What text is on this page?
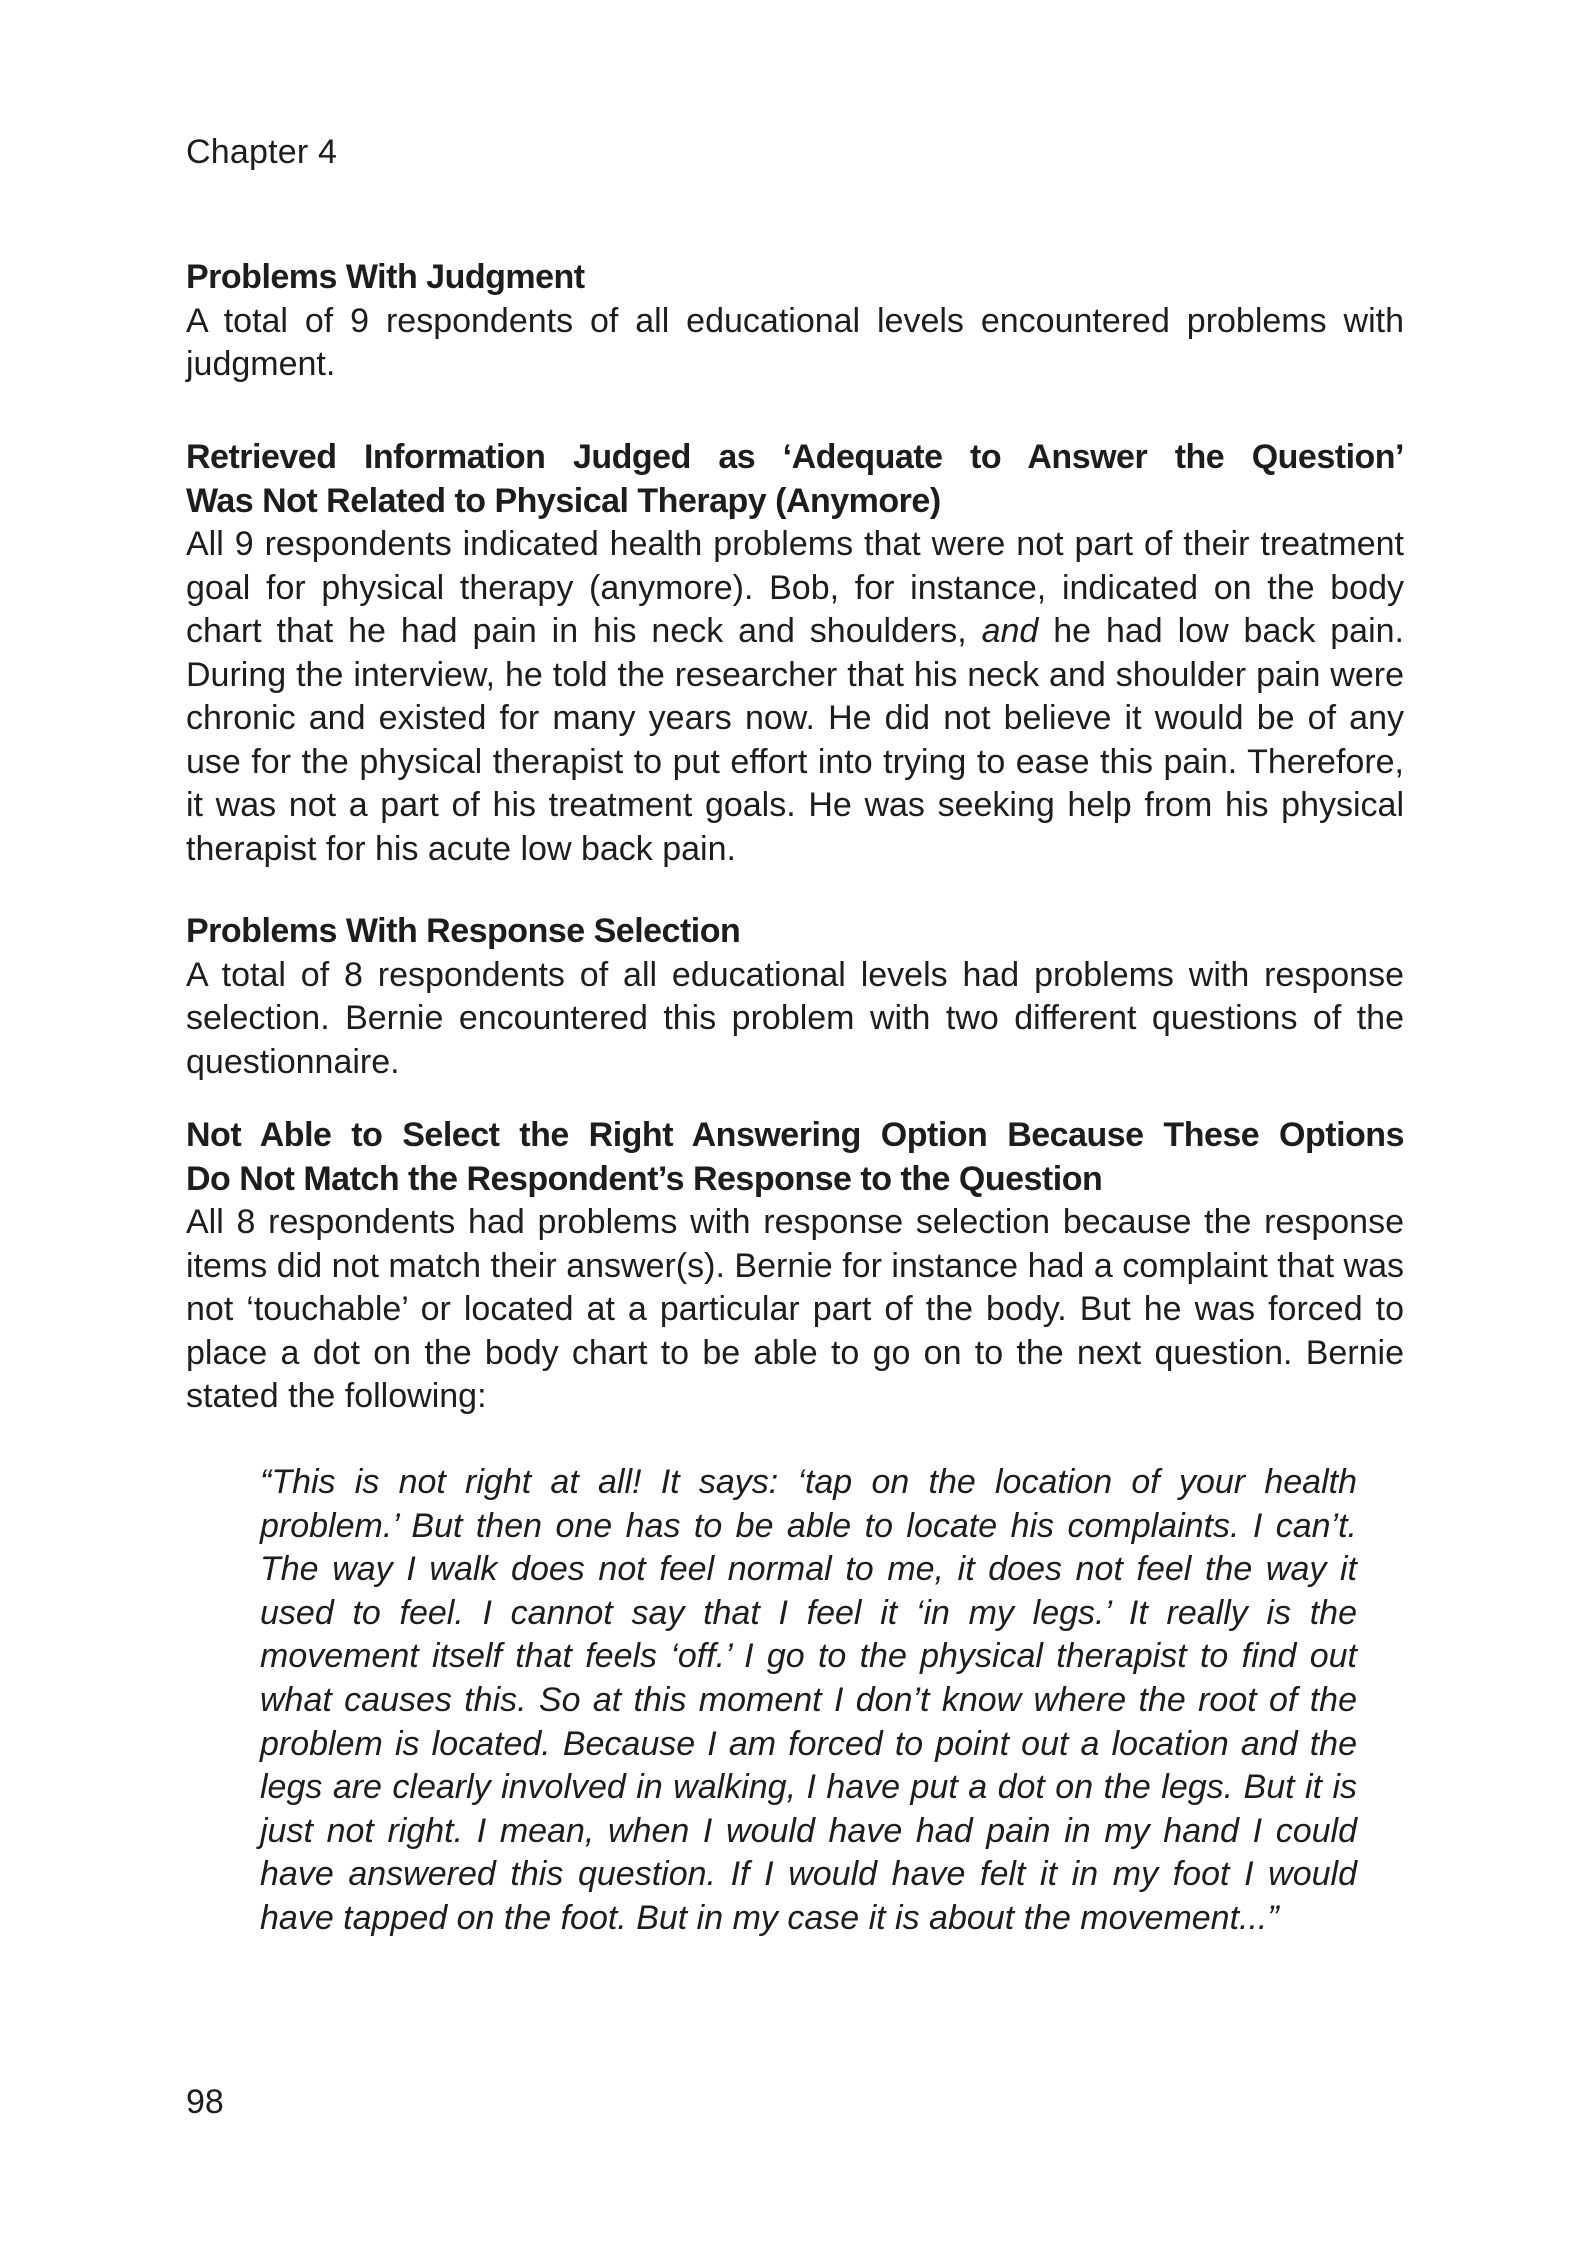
Chapter 4
Problems With Judgment

A total of 9 respondents of all educational levels encountered problems with judgment.

Retrieved Information Judged as ‘Adequate to Answer the Question’
Was Not Related to Physical Therapy (Anymore)

All 9 respondents indicated health problems that were not part of their treatment goal for physical therapy (anymore). Bob, for instance, indicated on the body chart that he had pain in his neck and shoulders, and he had low back pain. During the interview, he told the researcher that his neck and shoulder pain were chronic and existed for many years now. He did not believe it would be of any use for the physical therapist to put effort into trying to ease this pain. Therefore, it was not a part of his treatment goals. He was seeking help from his physical therapist for his acute low back pain.

Problems With Response Selection

A total of 8 respondents of all educational levels had problems with response selection. Bernie encountered this problem with two different questions of the questionnaire.

Not Able to Select the Right Answering Option Because These Options
Do Not Match the Respondent’s Response to the Question

All 8 respondents had problems with response selection because the response items did not match their answer(s). Bernie for instance had a complaint that was not ‘touchable’ or located at a particular part of the body. But he was forced to place a dot on the body chart to be able to go on to the next question. Bernie stated the following:

“This is not right at all! It says: ‘tap on the location of your health problem.’ But then one has to be able to locate his complaints. I can’t. The way I walk does not feel normal to me, it does not feel the way it used to feel. I cannot say that I feel it ‘in my legs.’ It really is the movement itself that feels ‘off.’ I go to the physical therapist to find out what causes this. So at this moment I don’t know where the root of the problem is located. Because I am forced to point out a location and the legs are clearly involved in walking, I have put a dot on the legs. But it is just not right. I mean, when I would have had pain in my hand I could have answered this question. If I would have felt it in my foot I would have tapped on the foot. But in my case it is about the movement...”
98
